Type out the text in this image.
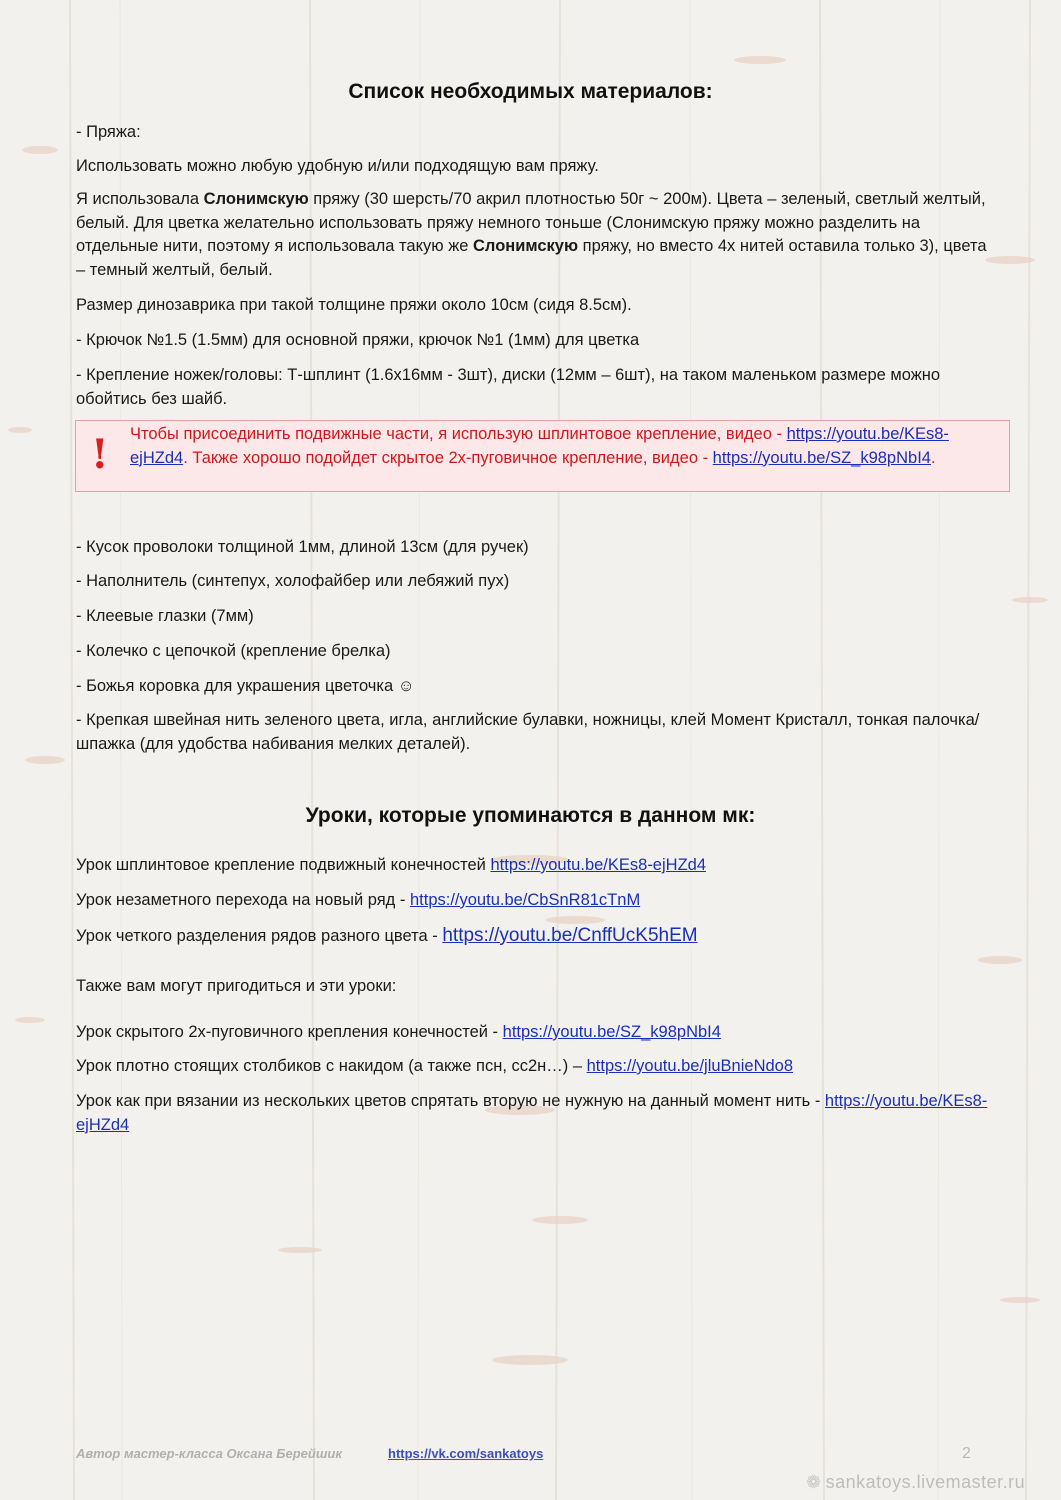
Список необходимых материалов:

- Пряжа:

Использовать можно любую удобную и/или подходящую вам пряжу.

Я использовала Слонимскую пряжу (30 шерсть/70 акрил плотностью 50г ~ 200м). Цвета – зеленый, светлый желтый, белый. Для цветка желательно использовать пряжу немного тоньше (Слонимскую пряжу можно разделить на отдельные нити, поэтому я использовала такую же Слонимскую пряжу, но вместо 4х нитей оставила только 3), цвета – темный желтый, белый.

Размер динозаврика при такой толщине пряжи около 10см (сидя 8.5см).

- Крючок №1.5 (1.5мм) для основной пряжи, крючок №1 (1мм) для цветка

- Крепление ножек/головы: Т-шплинт (1.6х16мм - 3шт), диски (12мм – 6шт), на таком маленьком размере можно обойтись без шайб.

! Чтобы присоединить подвижные части, я использую шплинтовое крепление, видео - https://youtu.be/KEs8-ejHZd4. Также хорошо подойдет скрытое 2х-пуговичное крепление, видео - https://youtu.be/SZ_k98pNbI4.

- Кусок проволоки толщиной 1мм, длиной 13см (для ручек)

- Наполнитель (синтепух, холофайбер или лебяжий пух)

- Клеевые глазки (7мм)

- Колечко с цепочкой (крепление брелка)

- Божья коровка для украшения цветочка ☺

- Крепкая швейная нить зеленого цвета, игла, английские булавки, ножницы, клей Момент Кристалл, тонкая палочка/шпажка (для удобства набивания мелких деталей).

Уроки, которые упоминаются в данном мк:

Урок шплинтовое крепление подвижный конечностей https://youtu.be/KEs8-ejHZd4

Урок незаметного перехода на новый ряд - https://youtu.be/CbSnR81cTnM

Урок четкого разделения рядов разного цвета - https://youtu.be/CnffUcK5hEM

Также вам могут пригодиться и эти уроки:

Урок скрытого 2х-пуговичного крепления конечностей - https://youtu.be/SZ_k98pNbI4

Урок плотно стоящих столбиков с накидом (а также псн, сс2н…) – https://youtu.be/jluBnieNdo8

Урок как при вязании из нескольких цветов спрятать вторую не нужную на данный момент нить - https://youtu.be/KEs8-ejHZd4

Автор мастер-класса Оксана Берейшик	https://vk.com/sankatoys	2
❁ sankatoys.livemaster.ru
